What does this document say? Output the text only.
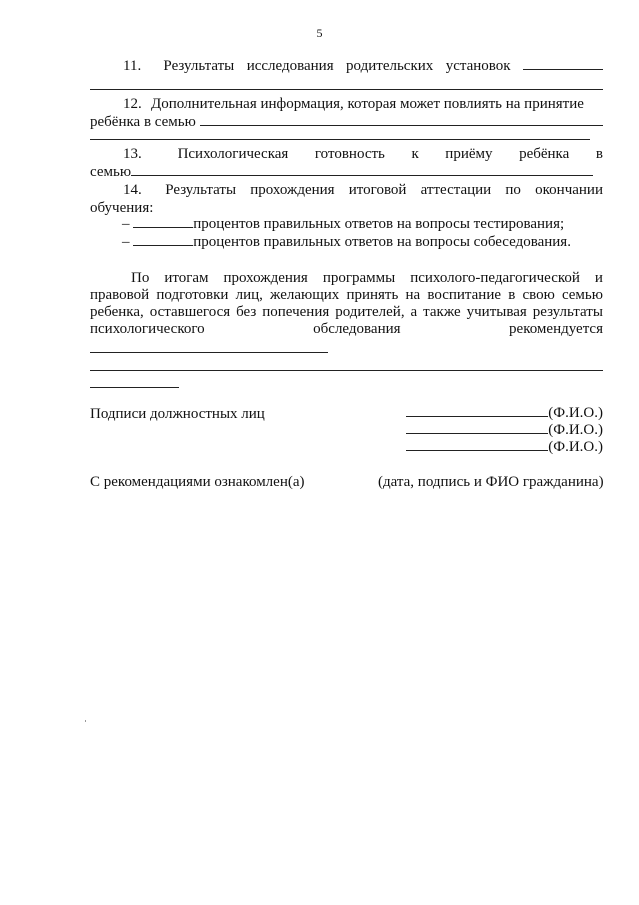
5
11.	Результаты исследования родительских установок
12. Дополнительная информация, которая может повлиять на принятие
ребёнка в семью
13.	Психологическая готовность к приёму ребёнка в
семью
14.	Результаты прохождения итоговой аттестации по окончании
обучения:
–	процентов правильных ответов на вопросы тестирования;
–	процентов правильных ответов на вопросы собеседования.
По итогам прохождения программы психолого-педагогической и
правовой подготовки лиц, желающих принять на воспитание в свою семью
ребенка, оставшегося без попечения родителей, а также учитывая результаты
психологического	обследования	рекомендуется
Подписи должностных лиц	(Ф.И.О.)
(Ф.И.О.)
(Ф.И.О.)
С рекомендациями ознакомлен(а)	(дата, подпись и ФИО гражданина)
